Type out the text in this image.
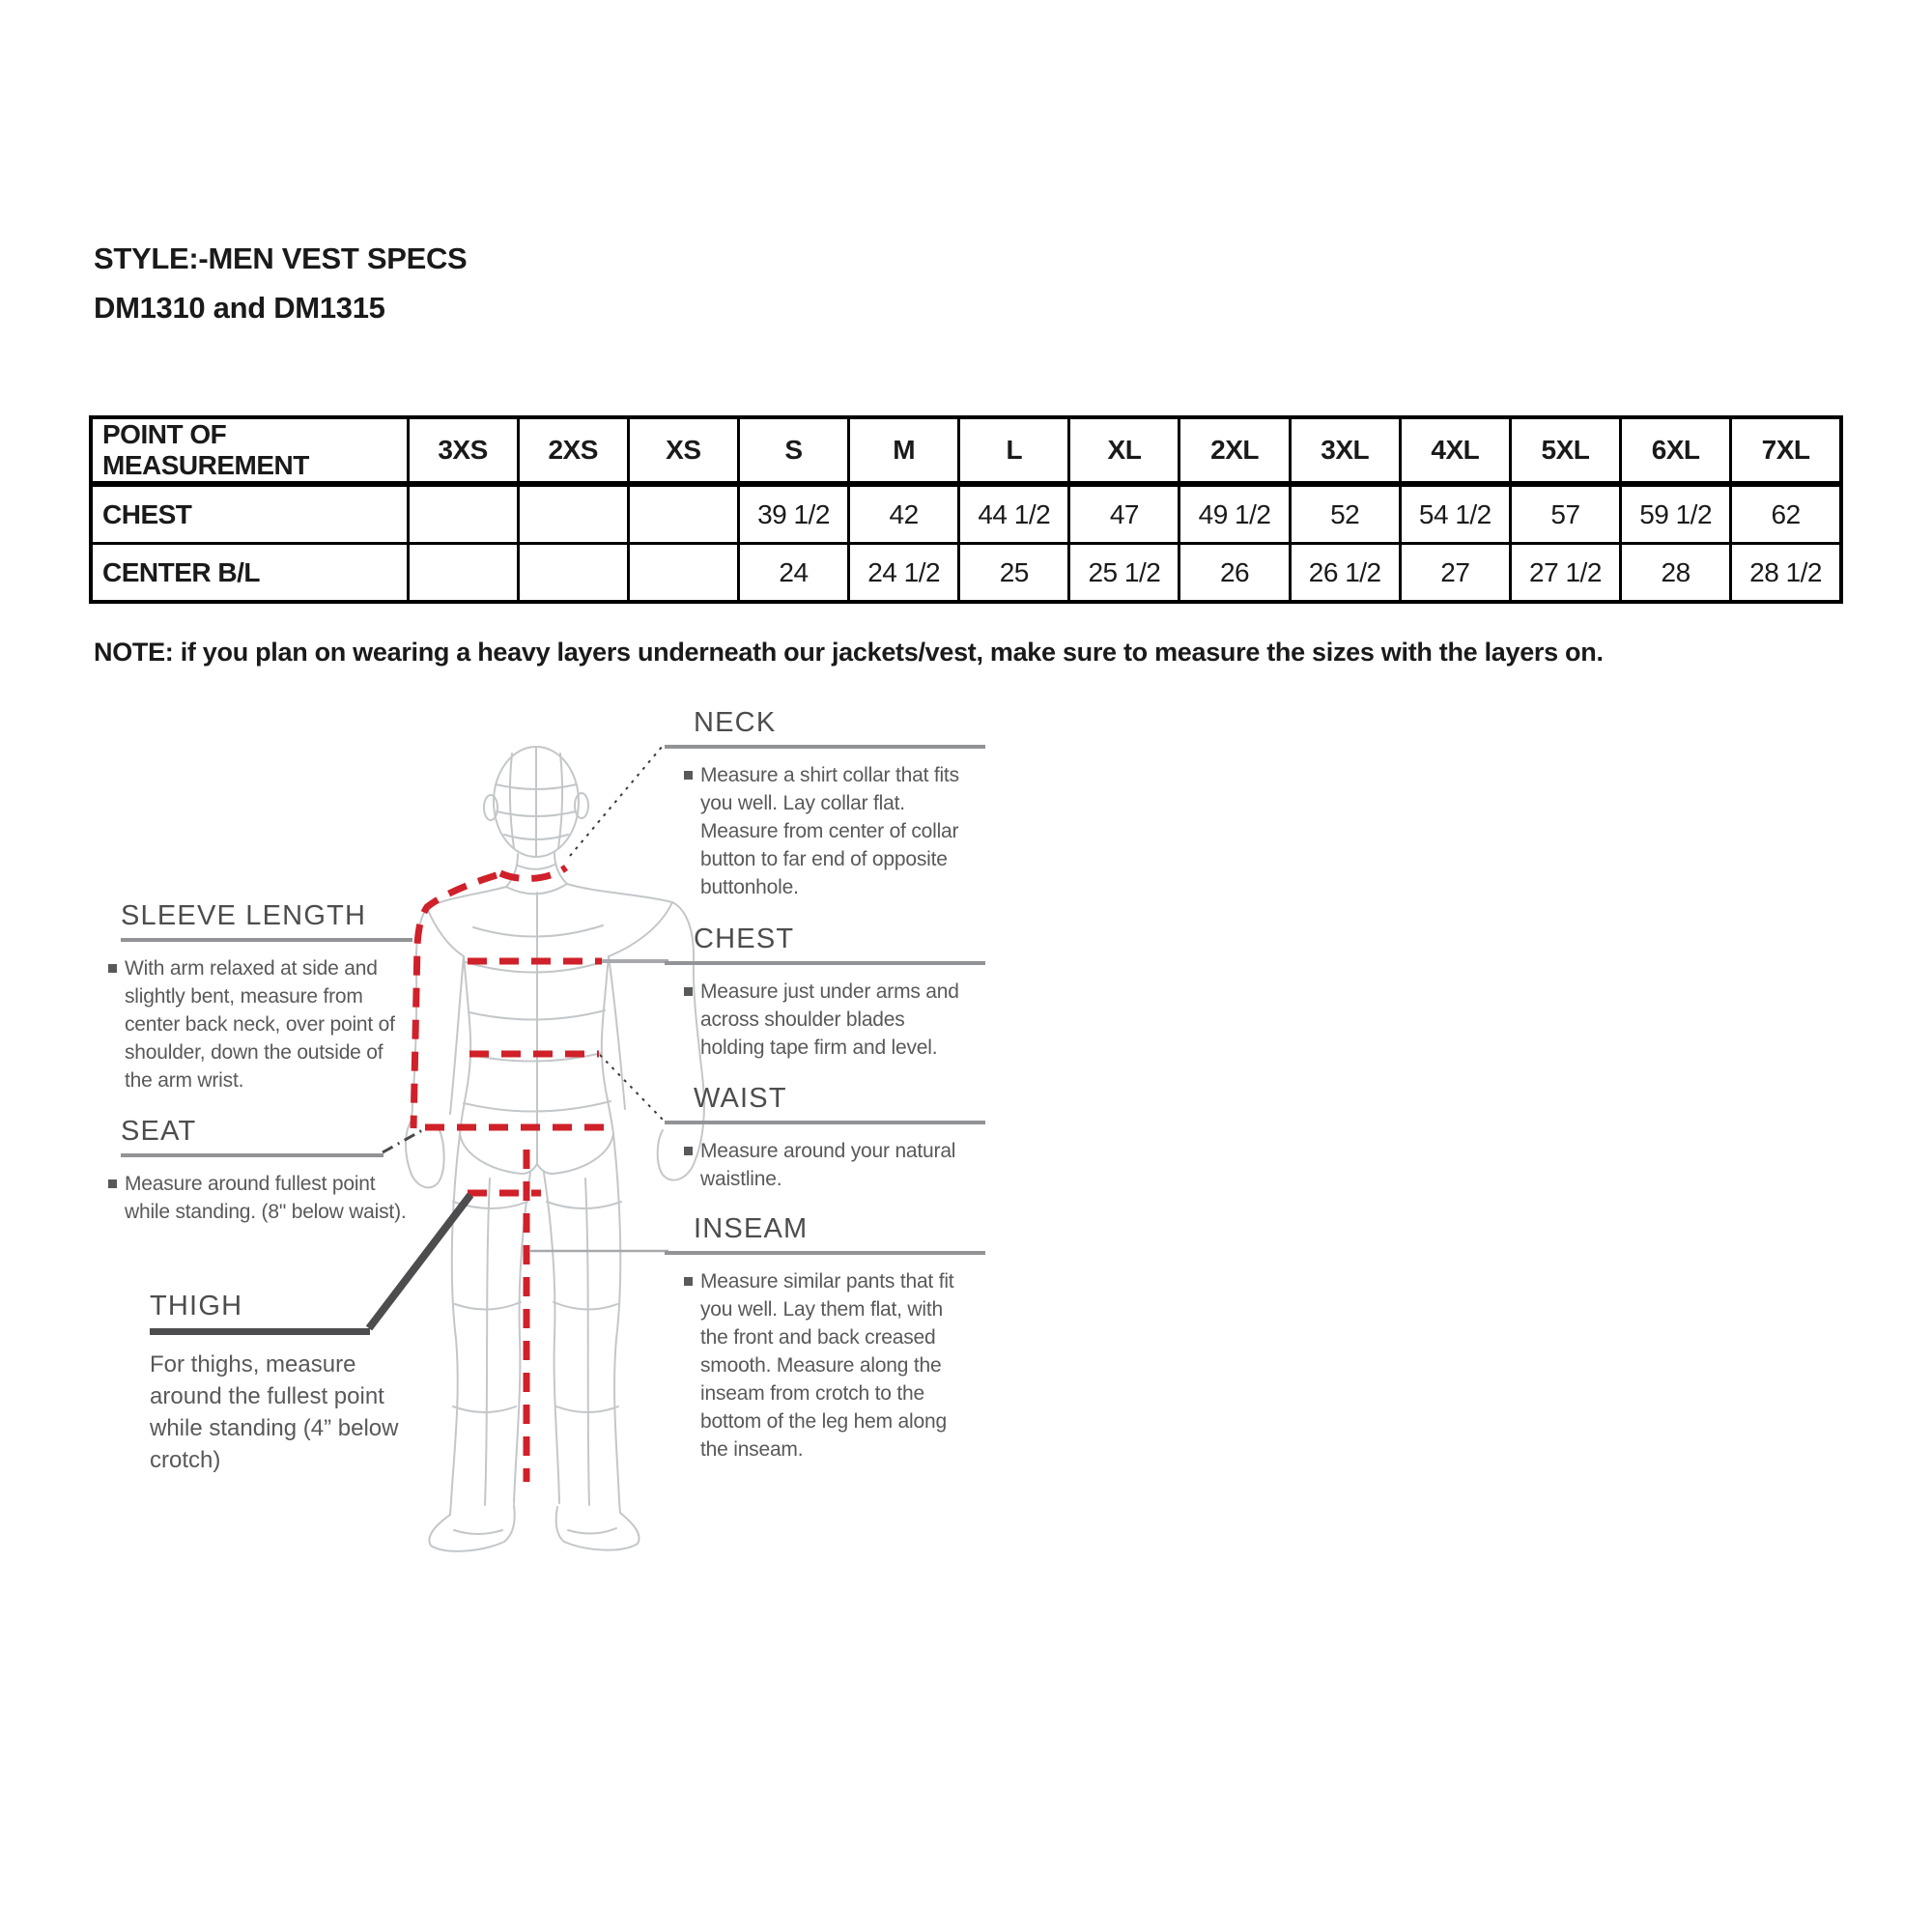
STYLE:-MEN VEST SPECS
DM1310 and DM1315
POINT OF MEASUREMENT	3XS	2XS	XS	S	M	L	XL	2XL	3XL	4XL	5XL	6XL	7XL
CHEST				39 1/2	42	44 1/2	47	49 1/2	52	54 1/2	57	59 1/2	62
CENTER B/L				24	24 1/2	25	25 1/2	26	26 1/2	27	27 1/2	28	28 1/2
NOTE: if you plan on wearing a heavy layers underneath our jackets/vest, make sure to measure the sizes with the layers on.
NECK
Measure a shirt collar that fits you well. Lay collar flat. Measure from center of collar button to far end of opposite buttonhole.
CHEST
Measure just under arms and across shoulder blades holding tape firm and level.
WAIST
Measure around your natural waistline.
INSEAM
Measure similar pants that fit you well. Lay them flat, with the front and back creased smooth. Measure along the inseam from crotch to the bottom of the leg hem along the inseam.
SLEEVE LENGTH
With arm relaxed at side and slightly bent, measure from center back neck, over point of shoulder, down the outside of the arm wrist.
SEAT
Measure around fullest point while standing. (8" below waist).
THIGH
For thighs, measure around the fullest point while standing (4” below crotch)
